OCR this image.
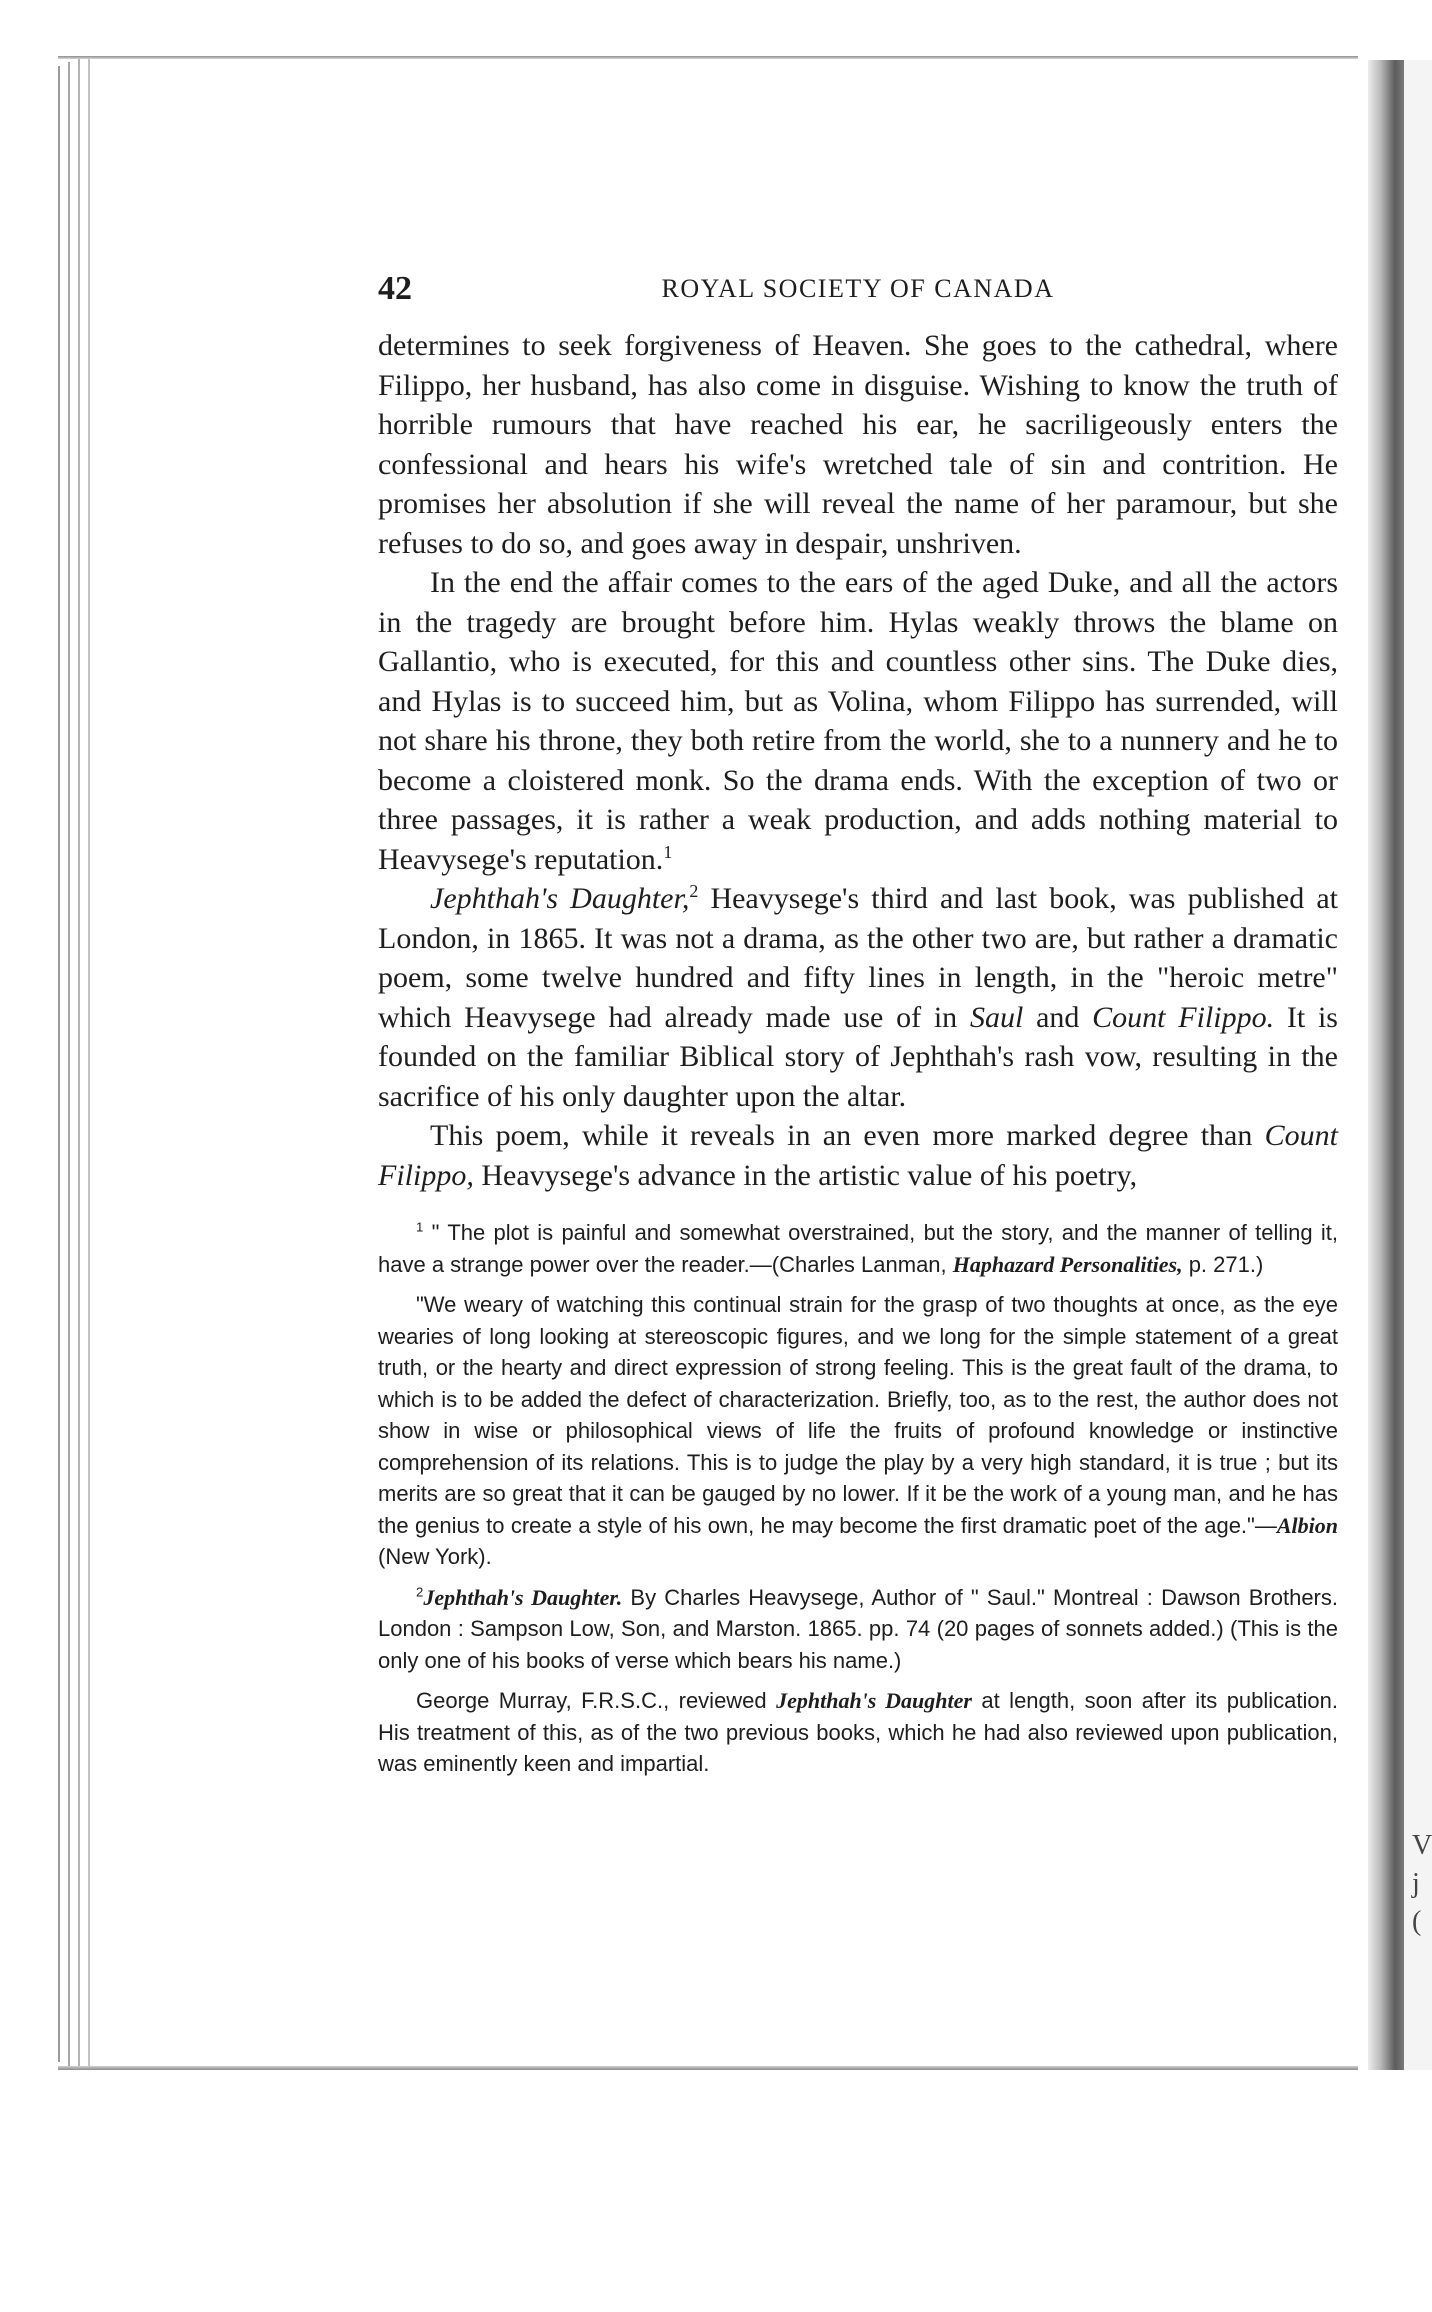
V
j
(
42	ROYAL SOCIETY OF CANADA

determines to seek forgiveness of Heaven. She goes to the cathedral, where Filippo, her husband, has also come in disguise. Wishing to know the truth of horrible rumours that have reached his ear, he sacriligeously enters the confessional and hears his wife's wretched tale of sin and contrition. He promises her absolution if she will reveal the name of her paramour, but she refuses to do so, and goes away in despair, unshriven.

In the end the affair comes to the ears of the aged Duke, and all the actors in the tragedy are brought before him. Hylas weakly throws the blame on Gallantio, who is executed, for this and countless other sins. The Duke dies, and Hylas is to succeed him, but as Volina, whom Filippo has surrended, will not share his throne, they both retire from the world, she to a nunnery and he to become a cloistered monk. So the drama ends. With the exception of two or three passages, it is rather a weak production, and adds nothing material to Heavysege's reputation.$^1$

Jephthah's Daughter,$^2$ Heavysege's third and last book, was published at London, in 1865. It was not a drama, as the other two are, but rather a dramatic poem, some twelve hundred and fifty lines in length, in the "heroic metre" which Heavysege had already made use of in Saul and Count Filippo. It is founded on the familiar Biblical story of Jephthah's rash vow, resulting in the sacrifice of his only daughter upon the altar.

This poem, while it reveals in an even more marked degree than Count Filippo, Heavysege's advance in the artistic value of his poetry,

$^1$ " The plot is painful and somewhat overstrained, but the story, and the manner of telling it, have a strange power over the reader.—(Charles Lanman, Haphazard Personalities, p. 271.)

"We weary of watching this continual strain for the grasp of two thoughts at once, as the eye wearies of long looking at stereoscopic figures, and we long for the simple statement of a great truth, or the hearty and direct expression of strong feeling. This is the great fault of the drama, to which is to be added the defect of characterization. Briefly, too, as to the rest, the author does not show in wise or philosophical views of life the fruits of profound knowledge or instinctive comprehension of its relations. This is to judge the play by a very high standard, it is true ; but its merits are so great that it can be gauged by no lower. If it be the work of a young man, and he has the genius to create a style of his own, he may become the first dramatic poet of the age."—Albion (New York).

$^2$Jephthah's Daughter. By Charles Heavysege, Author of " Saul." Montreal : Dawson Brothers. London : Sampson Low, Son, and Marston. 1865. pp. 74 (20 pages of sonnets added.) (This is the only one of his books of verse which bears his name.)

George Murray, F.R.S.C., reviewed Jephthah's Daughter at length, soon after its publication. His treatment of this, as of the two previous books, which he had also reviewed upon publication, was eminently keen and impartial.
